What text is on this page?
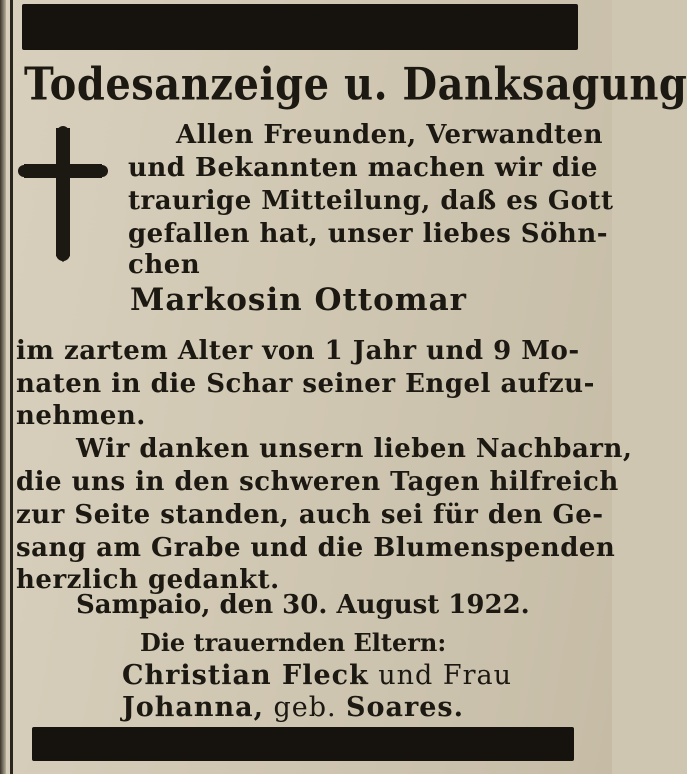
Todesanzeige u. Danksagung
Allen Freunden, Verwandten
und Bekannten machen wir die
traurige Mitteilung, daß es Gott
gefallen hat, unser liebes Söhn-
chen
Markosin Ottomar
im zartem Alter von 1 Jahr und 9 Mo-
naten in die Schar seiner Engel aufzu-
nehmen.
Wir danken unsern lieben Nachbarn,
die uns in den schweren Tagen hilfreich
zur Seite standen, auch sei für den Ge-
sang am Grabe und die Blumenspenden
herzlich gedankt.
Sampaio, den 30. August 1922.
Die trauernden Eltern:
Christian Fleck und Frau
Johanna, geb. Soares.
